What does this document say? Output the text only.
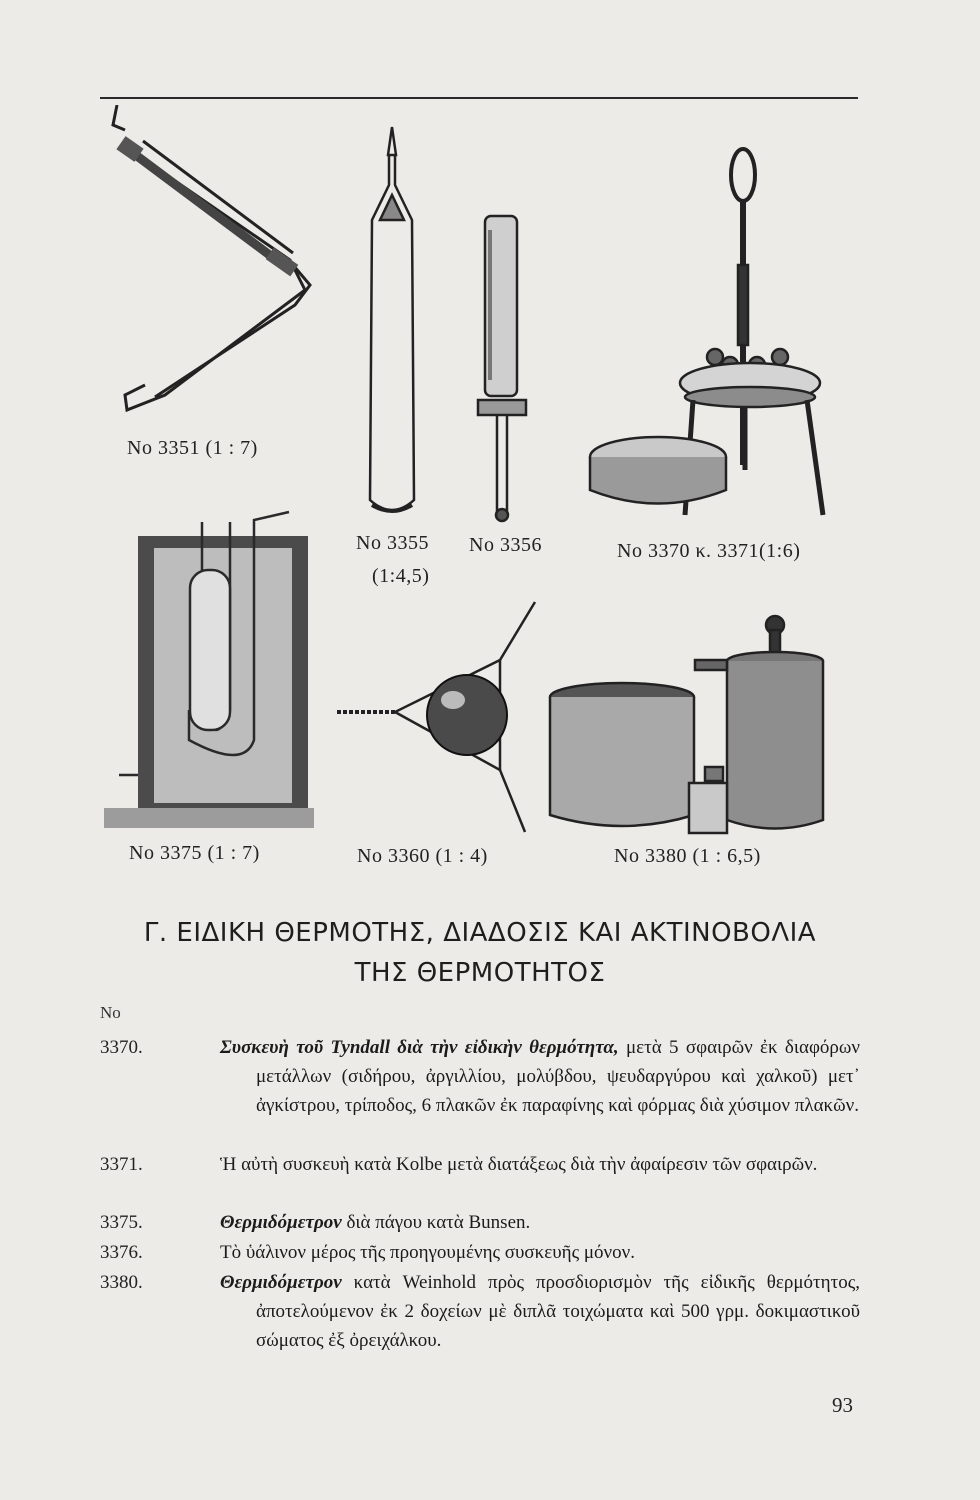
No 3351 (1 : 7)
No 3355
(1:4,5)
No 3356	No 3370 κ. 3371(1:6)
No 3375 (1 : 7)	No 3360 (1 : 4)	No 3380 (1 : 6,5)
Γ. ΕΙΔΙΚΗ ΘΕΡΜΟΤΗΣ, ΔΙΑΔΟΣΙΣ ΚΑΙ ΑΚΤΙΝΟΒΟΛΙΑ
ΤΗΣ ΘΕΡΜΟΤΗΤΟΣ
No
3370.	Συσκευὴ τοῦ Tyndall διὰ τὴν εἰδικὴν θερμότητα, μετὰ 5 σφαιρῶν ἐκ διαφόρων μετάλλων (σιδήρου, ἀργιλλίου, μολύβδου, ψευδαργύρου καὶ χαλκοῦ) μετ᾽ ἀγκίστρου, τρίποδος, 6 πλακῶν ἐκ παραφίνης καὶ φόρμας διὰ χύσιμον πλακῶν.
3371.	Ἡ αὐτὴ συσκευὴ κατὰ Kolbe μετὰ διατάξεως διὰ τὴν ἀφαίρεσιν τῶν σφαιρῶν.
3375.	Θερμιδόμετρον διὰ πάγου κατὰ Bunsen.
3376.	Τὸ ὑάλινον μέρος τῆς προηγουμένης συσκευῆς μόνον.
3380.	Θερμιδόμετρον κατὰ Weinhold πρὸς προσδιορισμὸν τῆς εἰδικῆς θερμότητος, ἀποτελούμενον ἐκ 2 δοχείων μὲ διπλᾶ τοιχώματα καὶ 500 γρμ. δοκιμαστικοῦ σώματος ἐξ ὀρειχάλκου.
93
